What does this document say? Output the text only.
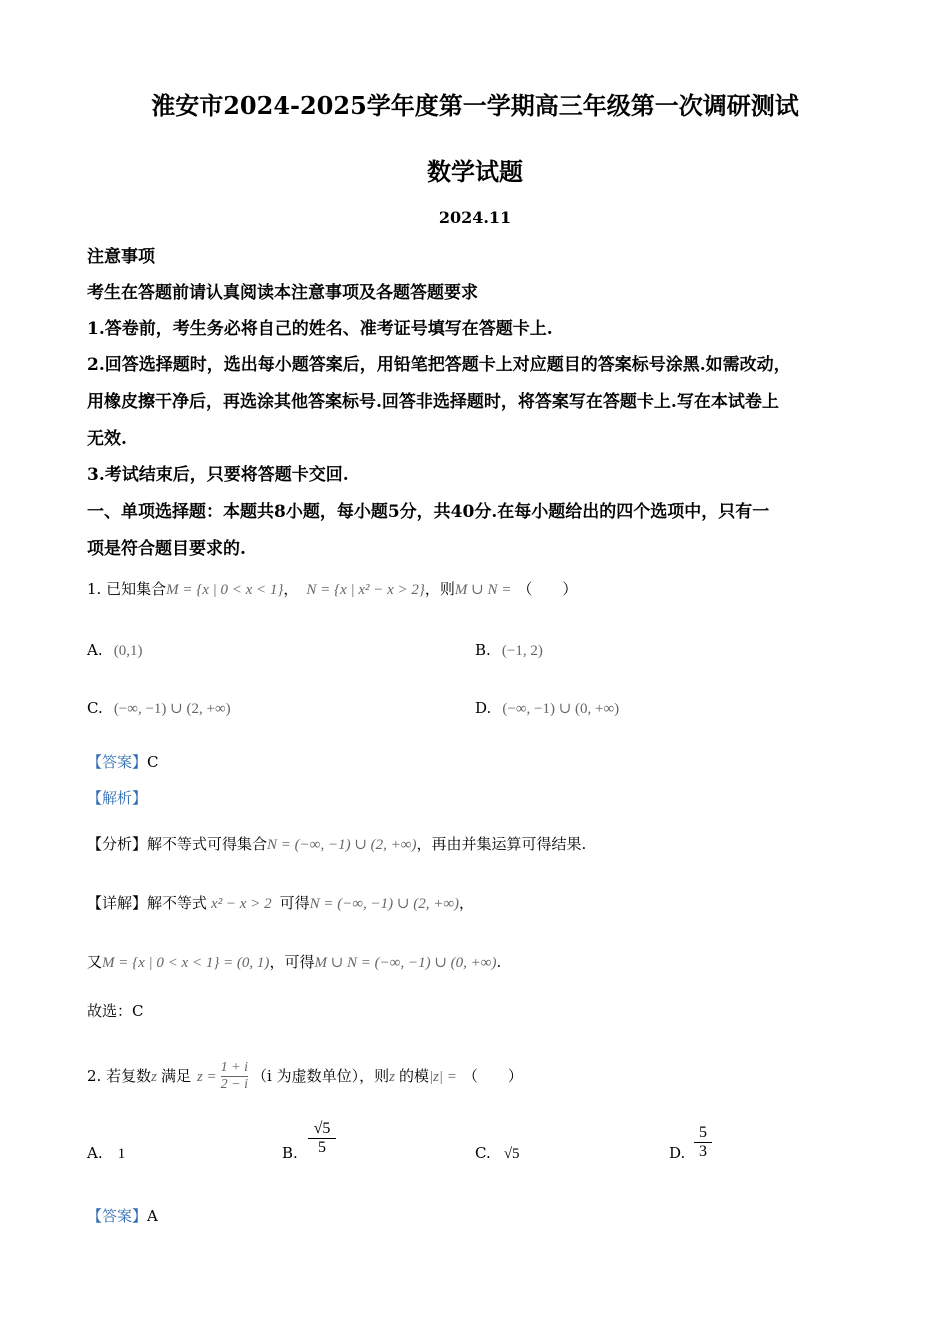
淮安市2024-2025学年度第一学期高三年级第一次调研测试
数学试题
2024.11
注意事项
考生在答题前请认真阅读本注意事项及各题答题要求
1.答卷前，考生务必将自己的姓名、准考证号填写在答题卡上.
2.回答选择题时，选出每小题答案后，用铅笔把答题卡上对应题目的答案标号涂黑.如需改动，
用橡皮擦干净后，再选涂其他答案标号.回答非选择题时，将答案写在答题卡上.写在本试卷上
无效.
3.考试结束后，只要将答题卡交回.
一、单项选择题：本题共8小题，每小题5分，共40分.在每小题给出的四个选项中，只有一
项是符合题目要求的.
1. 已知集合M = {x | 0 < x < 1}， N = {x | x² − x > 2}，则M ∪ N = （　　）
A. (0,1)	B. (−1, 2)
C. (−∞, −1) ∪ (2, +∞)	D. (−∞, −1) ∪ (0, +∞)
【答案】C
【解析】
【分析】解不等式可得集合N = (−∞, −1) ∪ (2, +∞)，再由并集运算可得结果.
【详解】解不等式 x² − x > 2 可得N = (−∞, −1) ∪ (2, +∞)，
又M = {x | 0 < x < 1} = (0, 1)，可得M ∪ N = (−∞, −1) ∪ (0, +∞).
故选：C
2. 若复数z 满足 $z = \frac{1 + i}{2 - i} (i$ 为虚数单位），则z 的模|z| = （　　）
A. 1	B. $\frac{√5}{5}$	C. √5	D. $\frac{5}{3}$
【答案】A
